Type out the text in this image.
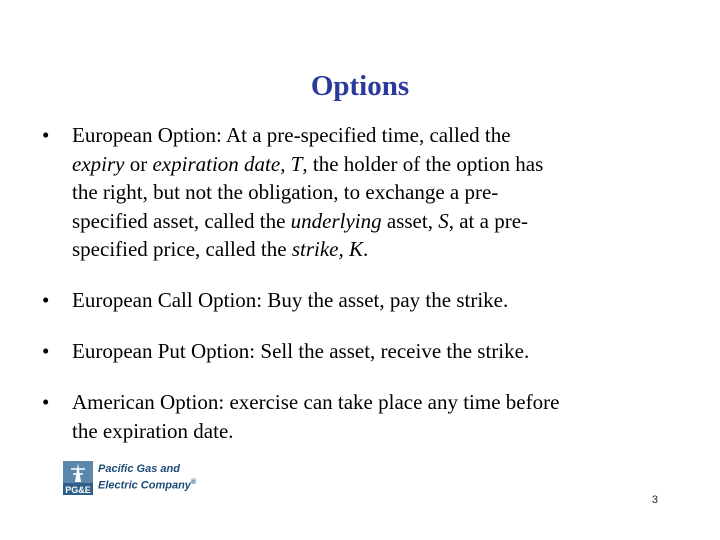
Options
• European Option: At a pre-specified time, called the
expiry or expiration date, T, the holder of the option has
the right, but not the obligation, to exchange a pre-
specified asset, called the underlying asset, S, at a pre-
specified price, called the strike, K.
• European Call Option: Buy the asset, pay the strike.
• European Put Option: Sell the asset, receive the strike.
• American Option: exercise can take place any time before
the expiration date.
PG&E
Pacific Gas and
Electric Company®
3
